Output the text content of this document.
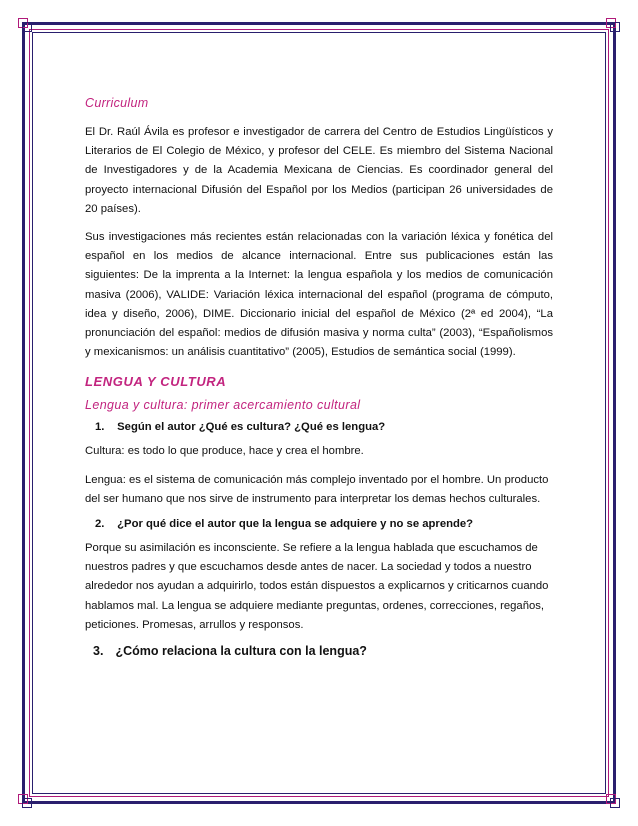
Curriculum

El Dr. Raúl Ávila es profesor e investigador de carrera del Centro de Estudios Lingüísticos y Literarios de El Colegio de México, y profesor del CELE. Es miembro del Sistema Nacional de Investigadores y de la Academia Mexicana de Ciencias. Es coordinador general del proyecto internacional Difusión del Español por los Medios (participan 26 universidades de 20 países).

Sus investigaciones más recientes están relacionadas con la variación léxica y fonética del español en los medios de alcance internacional. Entre sus publicaciones están las siguientes: De la imprenta a la Internet: la lengua española y los medios de comunicación masiva (2006), VALIDE: Variación léxica internacional del español (programa de cómputo, idea y diseño, 2006), DIME. Diccionario inicial del español de México (2ª ed 2004), “La pronunciación del español: medios de difusión masiva y norma culta” (2003), “Españolismos y mexicanismos: un análisis cuantitativo” (2005), Estudios de semántica social (1999).

LENGUA Y CULTURA
Lengua y cultura: primer acercamiento cultural
1. Según el autor ¿Qué es cultura? ¿Qué es lengua?

Cultura: es todo lo que produce, hace y crea el hombre.

Lengua: es el sistema de comunicación más complejo inventado por el hombre. Un producto del ser humano que nos sirve de instrumento para interpretar los demas hechos culturales.

2. ¿Por qué dice el autor que la lengua se adquiere y no se aprende?

Porque su asimilación es inconsciente. Se refiere a la lengua hablada que escuchamos de nuestros padres y que escuchamos desde antes de nacer. La sociedad y todos a nuestro alrededor nos ayudan a adquirirlo, todos están dispuestos a explicarnos y criticarnos cuando hablamos mal. La lengua se adquiere mediante preguntas, ordenes, correcciones, regaños, peticiones. Promesas, arrullos y responsos.

3. ¿Cómo relaciona la cultura con la lengua?
